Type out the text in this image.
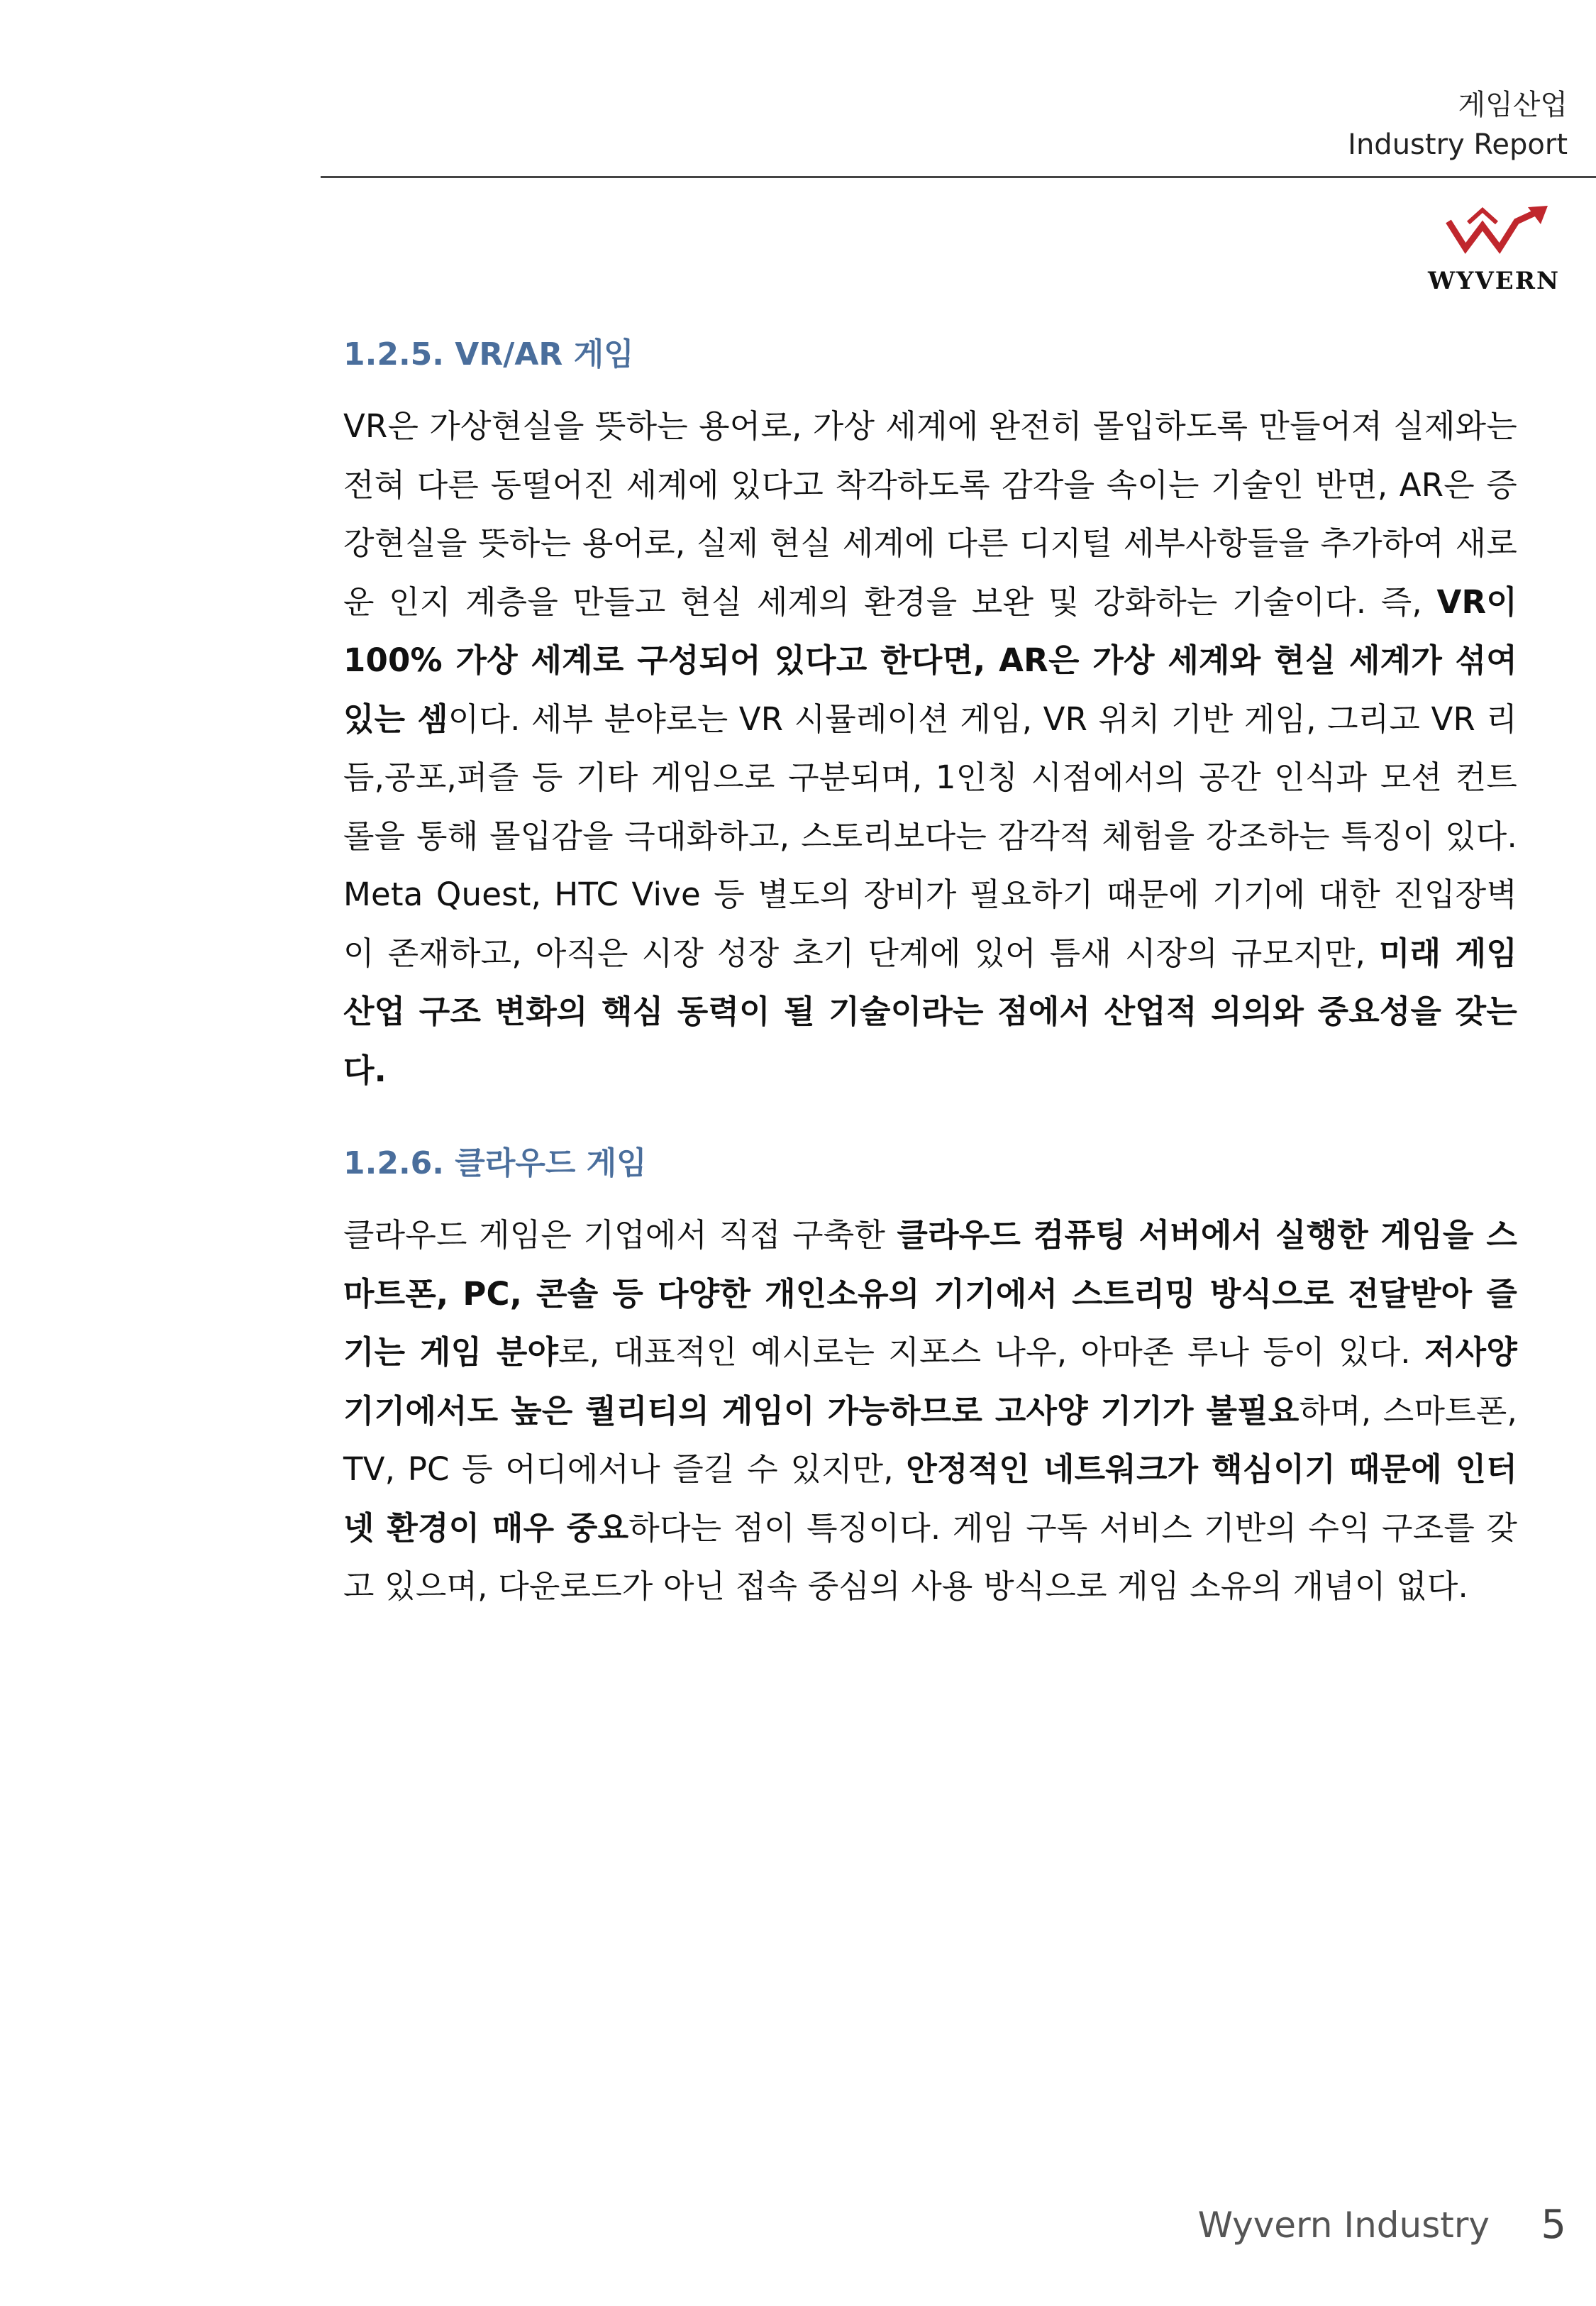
게임산업
Industry Report
WYVERN
1.2.5. VR/AR 게임

VR은 가상현실을 뜻하는 용어로, 가상 세계에 완전히 몰입하도록 만들어져 실제와는 전혀 다른 동떨어진 세계에 있다고 착각하도록 감각을 속이는 기술인 반면, AR은 증강현실을 뜻하는 용어로, 실제 현실 세계에 다른 디지털 세부사항들을 추가하여 새로운 인지 계층을 만들고 현실 세계의 환경을 보완 및 강화하는 기술이다. 즉, VR이 100% 가상 세계로 구성되어 있다고 한다면, AR은 가상 세계와 현실 세계가 섞여 있는 셈이다. 세부 분야로는 VR 시뮬레이션 게임, VR 위치 기반 게임, 그리고 VR 리듬,공포,퍼즐 등 기타 게임으로 구분되며, 1인칭 시점에서의 공간 인식과 모션 컨트롤을 통해 몰입감을 극대화하고, 스토리보다는 감각적 체험을 강조하는 특징이 있다. Meta Quest, HTC Vive 등 별도의 장비가 필요하기 때문에 기기에 대한 진입장벽이 존재하고, 아직은 시장 성장 초기 단계에 있어 틈새 시장의 규모지만, 미래 게임 산업 구조 변화의 핵심 동력이 될 기술이라는 점에서 산업적 의의와 중요성을 갖는다.

1.2.6. 클라우드 게임

클라우드 게임은 기업에서 직접 구축한 클라우드 컴퓨팅 서버에서 실행한 게임을 스마트폰, PC, 콘솔 등 다양한 개인소유의 기기에서 스트리밍 방식으로 전달받아 즐기는 게임 분야로, 대표적인 예시로는 지포스 나우, 아마존 루나 등이 있다. 저사양 기기에서도 높은 퀄리티의 게임이 가능하므로 고사양 기기가 불필요하며, 스마트폰, TV, PC 등 어디에서나 즐길 수 있지만, 안정적인 네트워크가 핵심이기 때문에 인터넷 환경이 매우 중요하다는 점이 특징이다. 게임 구독 서비스 기반의 수익 구조를 갖고 있으며, 다운로드가 아닌 접속 중심의 사용 방식으로 게임 소유의 개념이 없다.

Wyvern Industry 5
